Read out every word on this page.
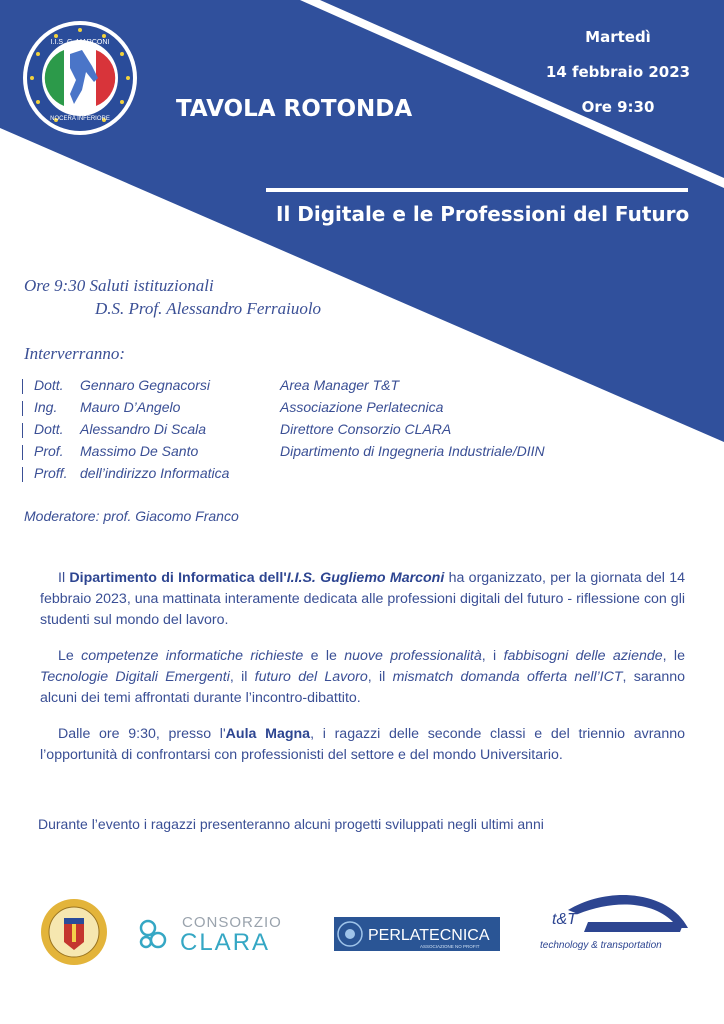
I.I.S. G. MARCONI
NOCERA INFERIORE	TAVOLA ROTONDA
Martedì
14 febbraio 2023
Ore 9:30
Il Digitale e le Professioni del Futuro
Ore 9:30 Saluti istituzionali
D.S. Prof. Alessandro Ferraiuolo
Interverranno:
Dott. Gennaro Gegnacorsi	Area Manager T&T
Ing. Mauro D’Angelo	Associazione Perlatecnica
Dott. Alessandro Di Scala	Direttore Consorzio CLARA
Prof. Massimo De Santo	Dipartimento di Ingegneria Industriale/DIIN
Proff. dell’indirizzo Informatica
Moderatore: prof. Giacomo Franco
Il Dipartimento di Informatica dell'I.I.S. Gugliemo Marconi ha organizzato, per la giornata del 14 febbraio 2023, una mattinata interamente dedicata alle professioni digitali del futuro - riflessione con gli studenti sul mondo del lavoro.
Le competenze informatiche richieste e le nuove professionalità, i fabbisogni delle aziende, le Tecnologie Digitali Emergenti, il futuro del Lavoro, il mismatch domanda offerta nell’ICT, saranno alcuni dei temi affrontati durante l’incontro-dibattito.
Dalle ore 9:30, presso l'Aula Magna, i ragazzi delle seconde classi e del triennio avranno l’opportunità di confrontarsi con professionisti del settore e del mondo Universitario.
Durante l’evento i ragazzi presenteranno alcuni progetti sviluppati negli ultimi anni
CONSORZIO
CLARA	PERLATECNICA
ASSOCIAZIONE NO PROFIT
t&T
technology & transportation
